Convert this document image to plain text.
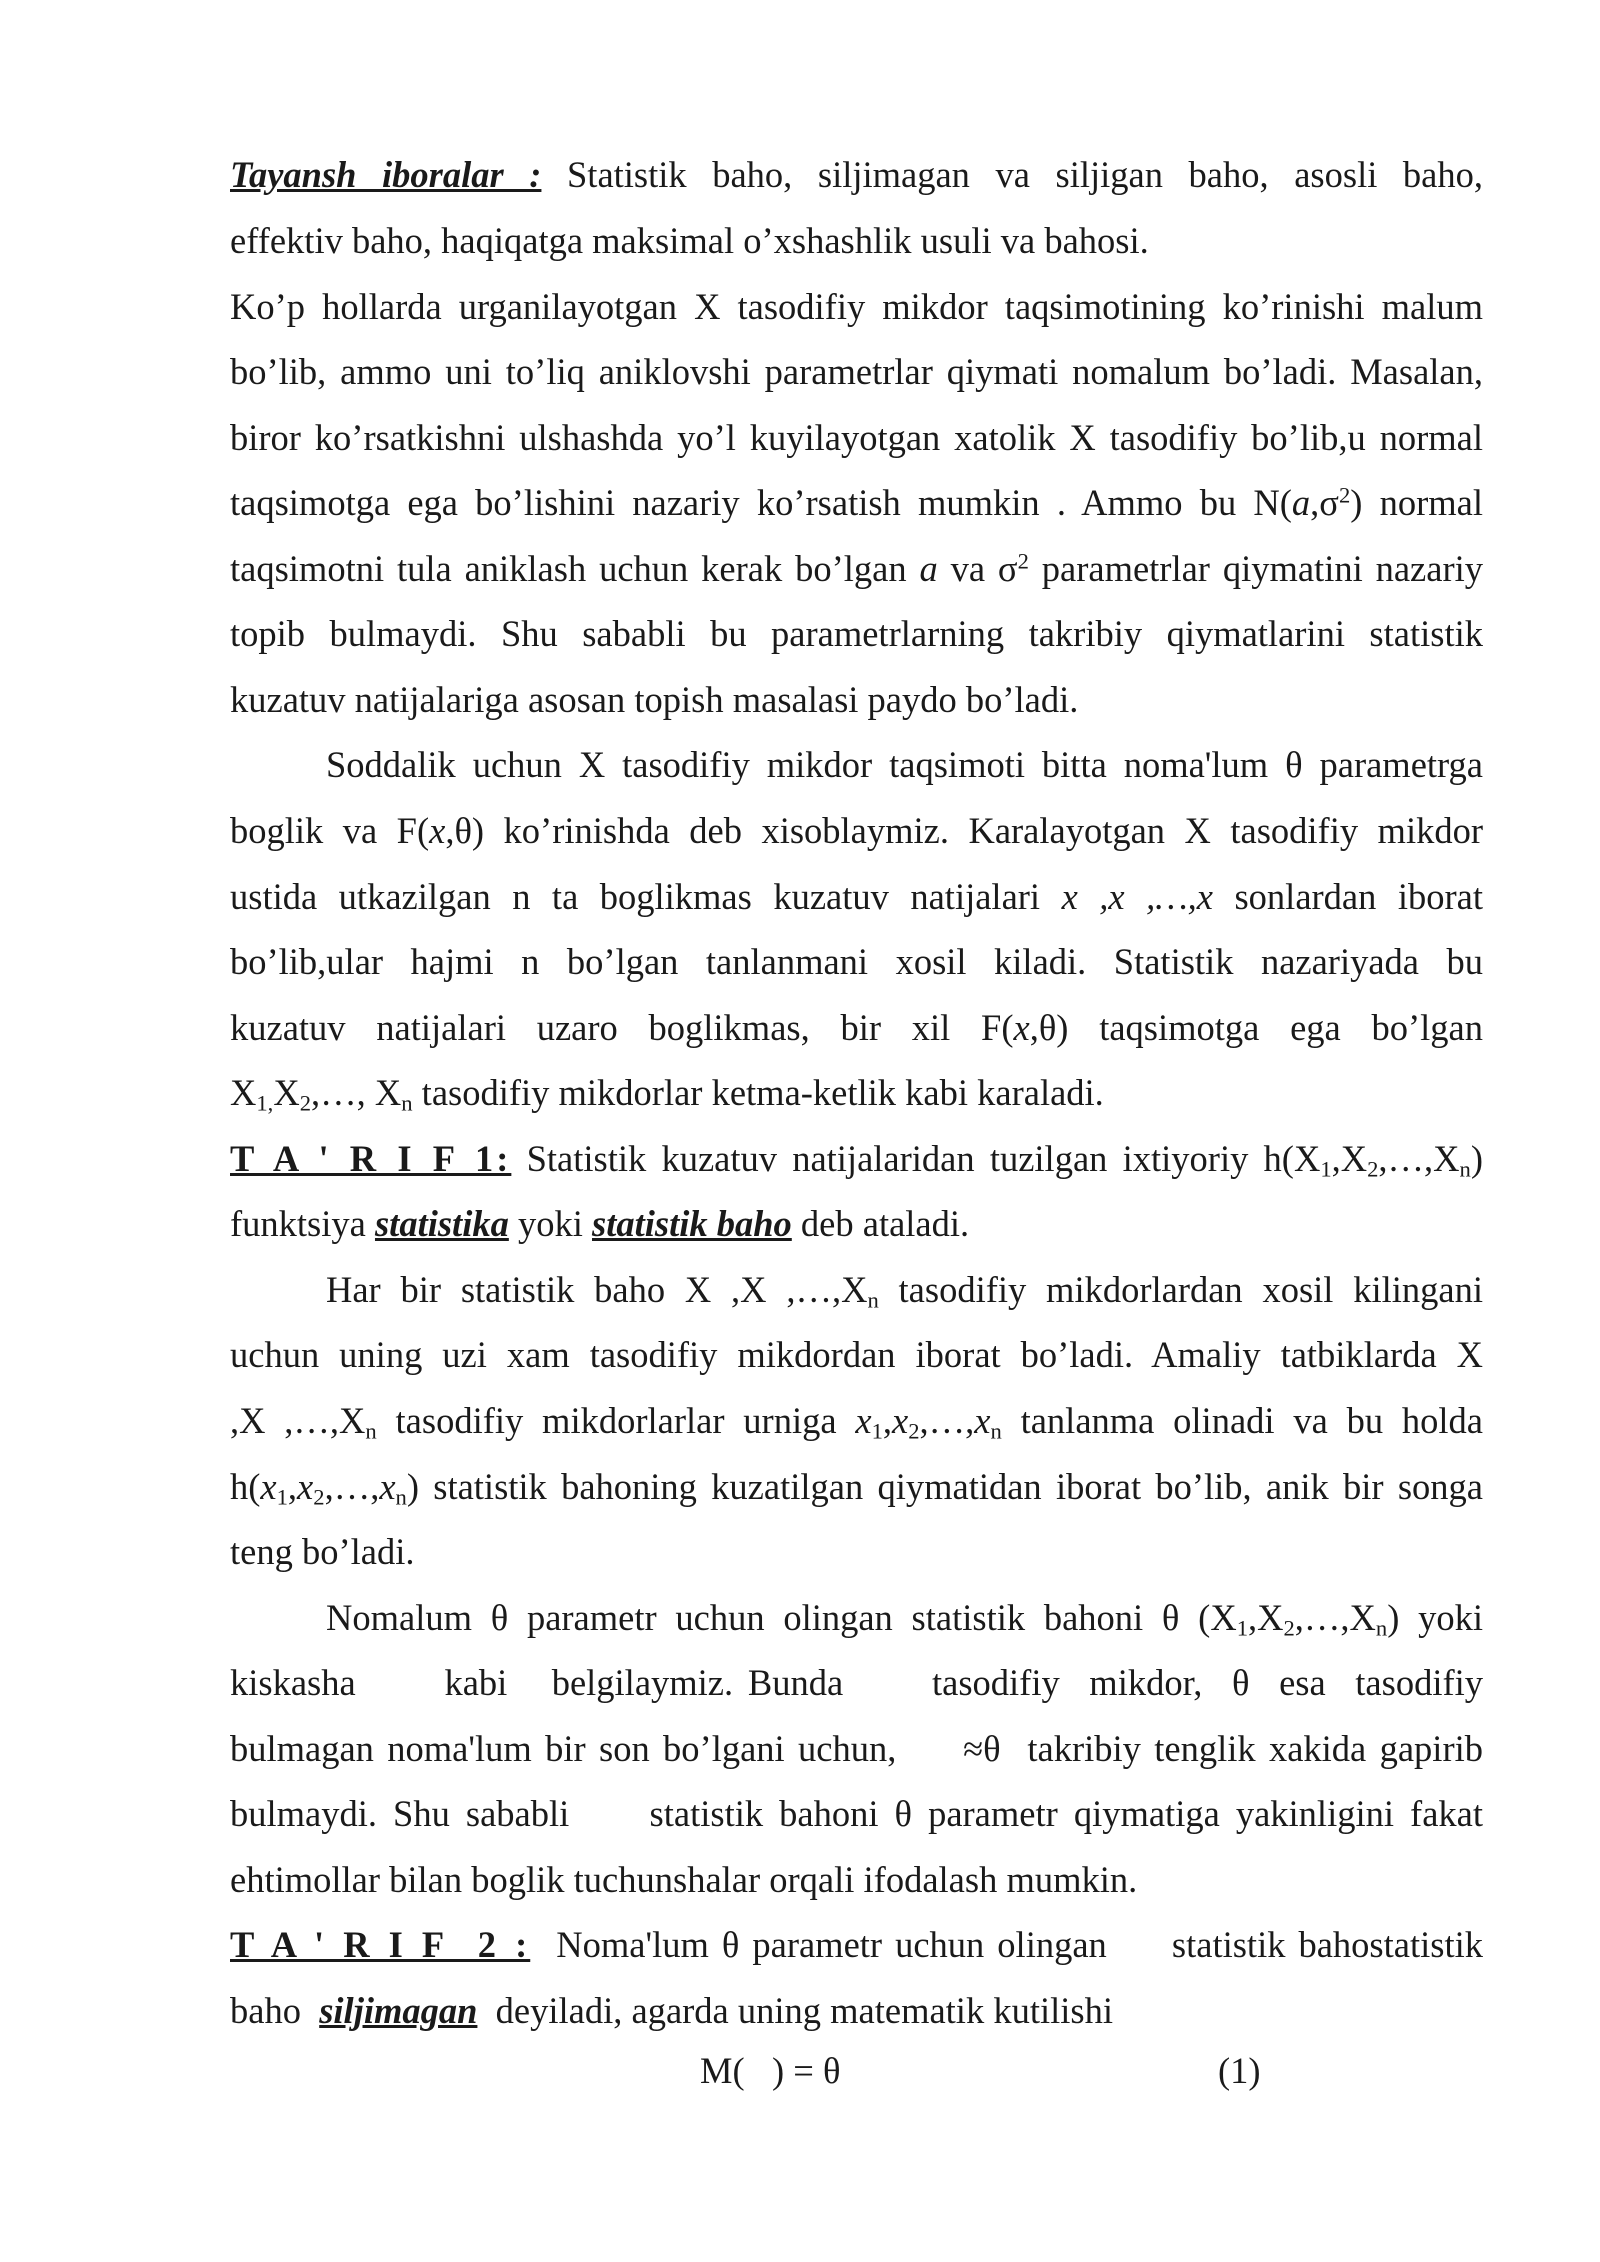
Tayansh iboralar : Statistik baho, siljimagan va siljigan baho, asosli baho,
effektiv baho, haqiqatga maksimal o’xshashlik usuli va bahosi.
Ko’p hollarda urganilayotgan X tasodifiy mikdor taqsimotining ko’rinishi malum
bo’lib, ammo uni to’liq aniklovshi parametrlar qiymati nomalum bo’ladi. Masalan,
biror ko’rsatkishni ulshashda yo’l kuyilayotgan xatolik X tasodifiy bo’lib,u normal
taqsimotga ega bo’lishini nazariy ko’rsatish mumkin . Ammo bu $N(a,\sigma^2)$ normal
taqsimotni tula aniklash uchun kerak bo’lgan a va $\sigma^2$ parametrlar qiymatini nazariy
topib bulmaydi. Shu sababli bu parametrlarning takribiy qiymatlarini statistik
kuzatuv natijalariga asosan topish masalasi paydo bo’ladi.
Soddalik uchun X tasodifiy mikdor taqsimoti bitta noma'lum θ parametrga
boglik va F(x,θ) ko’rinishda deb xisoblaymiz. Karalayotgan X tasodifiy mikdor
ustida utkazilgan n ta boglikmas kuzatuv natijalari x ,x ,…,x sonlardan iborat
bo’lib,ular hajmi n bo’lgan tanlanmani xosil kiladi. Statistik nazariyada bu
kuzatuv natijalari uzaro boglikmas, bir xil F(x,θ) taqsimotga ega bo’lgan
$X_{1,}X_2,\dots$, $X_n$ tasodifiy mikdorlar ketma-ketlik kabi karaladi.
T A ' R I F 1: Statistik kuzatuv natijalaridan tuzilgan ixtiyoriy $h(X_1,X_2,\dots,X_n)$
funktsiya statistika yoki statistik baho deb ataladi.
Har bir statistik baho X ,X $,\dots,X_n$ tasodifiy mikdorlardan xosil kilingani
uchun uning uzi xam tasodifiy mikdordan iborat bo’ladi. Amaliy tatbiklarda X
,X $,\dots,X_n$ tasodifiy mikdorlarlar urniga $x_1,x_2,\dots,x_n$ tanlanma olinadi va bu holda
$h(x_1,x_2,\dots,x_n)$ statistik bahoning kuzatilgan qiymatidan iborat bo’lib, anik bir songa
teng bo’ladi.
Nomalum θ parametr uchun olingan statistik bahoni θ $(X_1,X_2,\dots,X_n)$ yoki
kiskasha      kabi   belgilaymiz. Bunda      tasodifiy  mikdor,  θ  esa  tasodifiy
bulmagan noma'lum bir son bo’lgani uchun,     ≈θ  takribiy tenglik xakida gapirib
bulmaydi. Shu sababli     statistik bahoni θ parametr qiymatiga yakinligini fakat
ehtimollar bilan boglik tuchunshalar orqali ifodalash mumkin.
T A ' R I F  2 :  Noma'lum θ parametr uchun olingan     statistik bahostatistik
baho  siljimagan  deyiladi, agarda uning matematik kutilishi
M(   ) = θ	(1)
